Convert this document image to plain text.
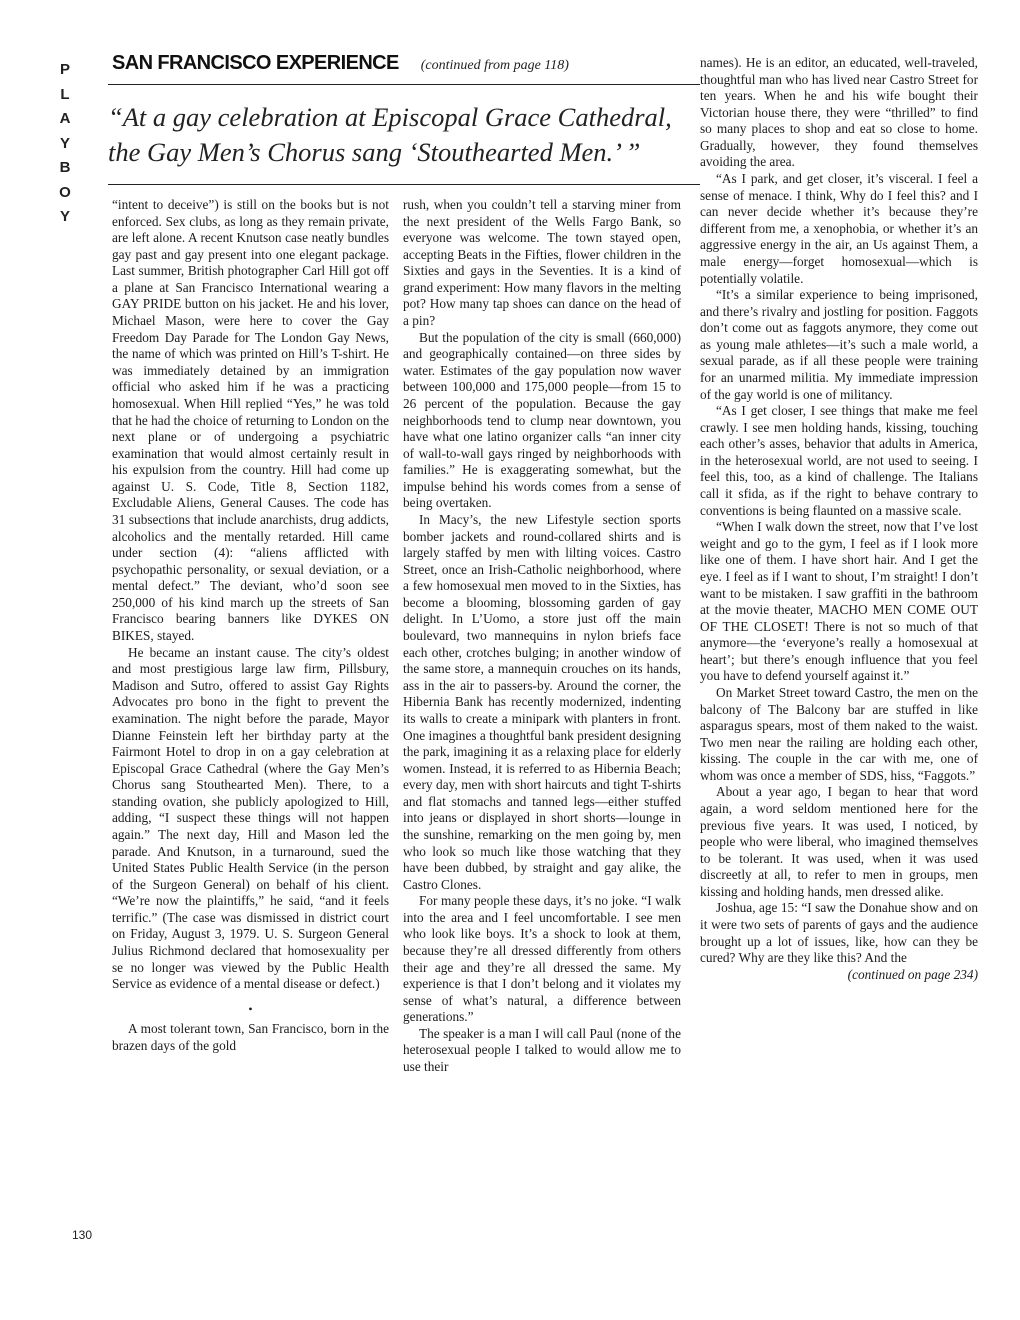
P
L
A
Y
B
O
Y
SAN FRANCISCO EXPERIENCE (continued from page 118)
“At a gay celebration at Episcopal Grace Cathedral, the Gay Men’s Chorus sang ‘Stouthearted Men.’ ”

“intent to deceive”) is still on the books but is not enforced. Sex clubs, as long as they remain private, are left alone. A recent Knutson case neatly bundles gay past and gay present into one elegant package. Last summer, British photographer Carl Hill got off a plane at San Francisco International wearing a GAY PRIDE button on his jacket. He and his lover, Michael Mason, were here to cover the Gay Freedom Day Parade for The London Gay News, the name of which was printed on Hill’s T-shirt. He was immediately detained by an immigration official who asked him if he was a practicing homosexual. When Hill replied “Yes,” he was told that he had the choice of returning to London on the next plane or of undergoing a psychiatric examination that would almost certainly result in his expulsion from the country. Hill had come up against U. S. Code, Title 8, Section 1182, Excludable Aliens, General Causes. The code has 31 subsections that include anarchists, drug addicts, alcoholics and the mentally retarded. Hill came under section (4): “aliens afflicted with psychopathic personality, or sexual deviation, or a mental defect.” The deviant, who’d soon see 250,000 of his kind march up the streets of San Francisco bearing banners like DYKES ON BIKES, stayed.

He became an instant cause. The city’s oldest and most prestigious large law firm, Pillsbury, Madison and Sutro, offered to assist Gay Rights Advocates pro bono in the fight to prevent the examination. The night before the parade, Mayor Dianne Feinstein left her birthday party at the Fairmont Hotel to drop in on a gay celebration at Episcopal Grace Cathedral (where the Gay Men’s Chorus sang Stouthearted Men). There, to a standing ovation, she publicly apologized to Hill, adding, “I suspect these things will not happen again.” The next day, Hill and Mason led the parade. And Knutson, in a turnaround, sued the United States Public Health Service (in the person of the Surgeon General) on behalf of his client. “We’re now the plaintiffs,” he said, “and it feels terrific.” (The case was dismissed in district court on Friday, August 3, 1979. U. S. Surgeon General Julius Richmond declared that homosexuality per se no longer was viewed by the Public Health Service as evidence of a mental disease or defect.)

•

A most tolerant town, San Francisco, born in the brazen days of the gold

rush, when you couldn’t tell a starving miner from the next president of the Wells Fargo Bank, so everyone was welcome. The town stayed open, accepting Beats in the Fifties, flower children in the Sixties and gays in the Seventies. It is a kind of grand experiment: How many flavors in the melting pot? How many tap shoes can dance on the head of a pin?

But the population of the city is small (660,000) and geographically contained—on three sides by water. Estimates of the gay population now waver between 100,000 and 175,000 people—from 15 to 26 percent of the population. Because the gay neighborhoods tend to clump near downtown, you have what one latino organizer calls “an inner city of wall-to-wall gays ringed by neighborhoods with families.” He is exaggerating somewhat, but the impulse behind his words comes from a sense of being overtaken.

In Macy’s, the new Lifestyle section sports bomber jackets and round-collared shirts and is largely staffed by men with lilting voices. Castro Street, once an Irish-Catholic neighborhood, where a few homosexual men moved to in the Sixties, has become a blooming, blossoming garden of gay delight. In L’Uomo, a store just off the main boulevard, two mannequins in nylon briefs face each other, crotches bulging; in another window of the same store, a mannequin crouches on its hands, ass in the air to passers-by. Around the corner, the Hibernia Bank has recently modernized, indenting its walls to create a minipark with planters in front. One imagines a thoughtful bank president designing the park, imagining it as a relaxing place for elderly women. Instead, it is referred to as Hibernia Beach; every day, men with short haircuts and tight T-shirts and flat stomachs and tanned legs—either stuffed into jeans or displayed in short shorts—lounge in the sunshine, remarking on the men going by, men who look so much like those watching that they have been dubbed, by straight and gay alike, the Castro Clones.

For many people these days, it’s no joke. “I walk into the area and I feel uncomfortable. I see men who look like boys. It’s a shock to look at them, because they’re all dressed differently from others their age and they’re all dressed the same. My experience is that I don’t belong and it violates my sense of what’s natural, a difference between generations.”

The speaker is a man I will call Paul (none of the heterosexual people I talked to would allow me to use their

names). He is an editor, an educated, well-traveled, thoughtful man who has lived near Castro Street for ten years. When he and his wife bought their Victorian house there, they were “thrilled” to find so many places to shop and eat so close to home. Gradually, however, they found themselves avoiding the area.

“As I park, and get closer, it’s visceral. I feel a sense of menace. I think, Why do I feel this? and I can never decide whether it’s because they’re different from me, a xenophobia, or whether it’s an aggressive energy in the air, an Us against Them, a male energy—forget homosexual—which is potentially volatile.

“It’s a similar experience to being imprisoned, and there’s rivalry and jostling for position. Faggots don’t come out as faggots anymore, they come out as young male athletes—it’s such a male world, a sexual parade, as if all these people were training for an unarmed militia. My immediate impression of the gay world is one of militancy.

“As I get closer, I see things that make me feel crawly. I see men holding hands, kissing, touching each other’s asses, behavior that adults in America, in the heterosexual world, are not used to seeing. I feel this, too, as a kind of challenge. The Italians call it sfida, as if the right to behave contrary to conventions is being flaunted on a massive scale.

“When I walk down the street, now that I’ve lost weight and go to the gym, I feel as if I look more like one of them. I have short hair. And I get the eye. I feel as if I want to shout, I’m straight! I don’t want to be mistaken. I saw graffiti in the bathroom at the movie theater, MACHO MEN COME OUT OF THE CLOSET! There is not so much of that anymore—the ‘everyone’s really a homosexual at heart’; but there’s enough influence that you feel you have to defend yourself against it.”

On Market Street toward Castro, the men on the balcony of The Balcony bar are stuffed in like asparagus spears, most of them naked to the waist. Two men near the railing are holding each other, kissing. The couple in the car with me, one of whom was once a member of SDS, hiss, “Faggots.”

About a year ago, I began to hear that word again, a word seldom mentioned here for the previous five years. It was used, I noticed, by people who were liberal, who imagined themselves to be tolerant. It was used, when it was used discreetly at all, to refer to men in groups, men kissing and holding hands, men dressed alike.

Joshua, age 15: “I saw the Donahue show and on it were two sets of parents of gays and the audience brought up a lot of issues, like, how can they be cured? Why are they like this? And the

(continued on page 234)
130
